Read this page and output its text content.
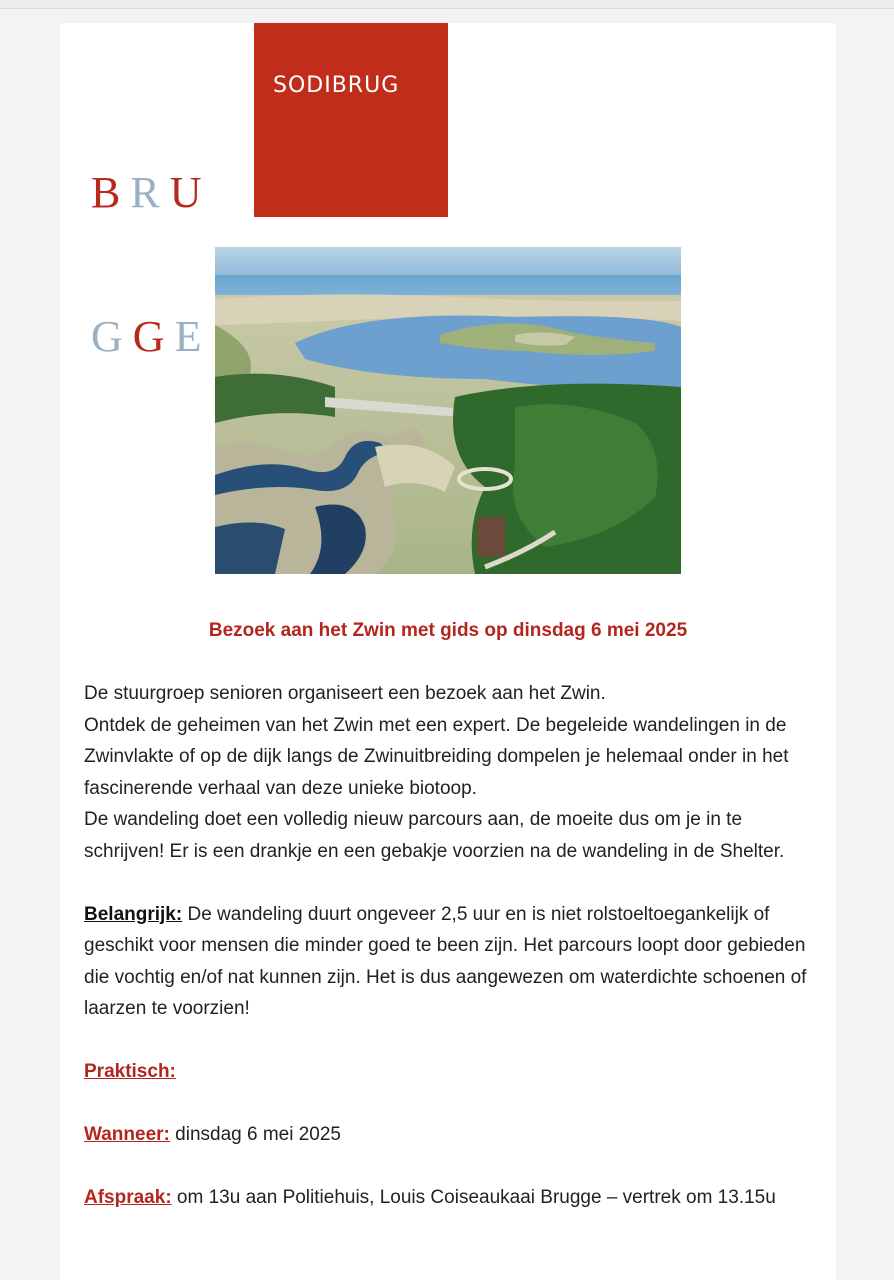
BRU

GGE

SODIBRUG
Bezoek aan het Zwin met gids op dinsdag 6 mei 2025

De stuurgroep senioren organiseert een bezoek aan het Zwin.

Ontdek de geheimen van het Zwin met een expert. De begeleide wandelingen in de Zwinvlakte of op de dijk langs de Zwinuitbreiding dompelen je helemaal onder in het fascinerende verhaal van deze unieke biotoop.

De wandeling doet een volledig nieuw parcours aan, de moeite dus om je in te schrijven! Er is een drankje en een gebakje voorzien na de wandeling in de Shelter.

Belangrijk: De wandeling duurt ongeveer 2,5 uur en is niet rolstoeltoegankelijk of geschikt voor mensen die minder goed te been zijn. Het parcours loopt door gebieden die vochtig en/of nat kunnen zijn. Het is dus aangewezen om waterdichte schoenen of laarzen te voorzien!

Praktisch:

Wanneer: dinsdag 6 mei 2025

Afspraak: om 13u aan Politiehuis, Louis Coiseaukaai Brugge – vertrek om 13.15u
